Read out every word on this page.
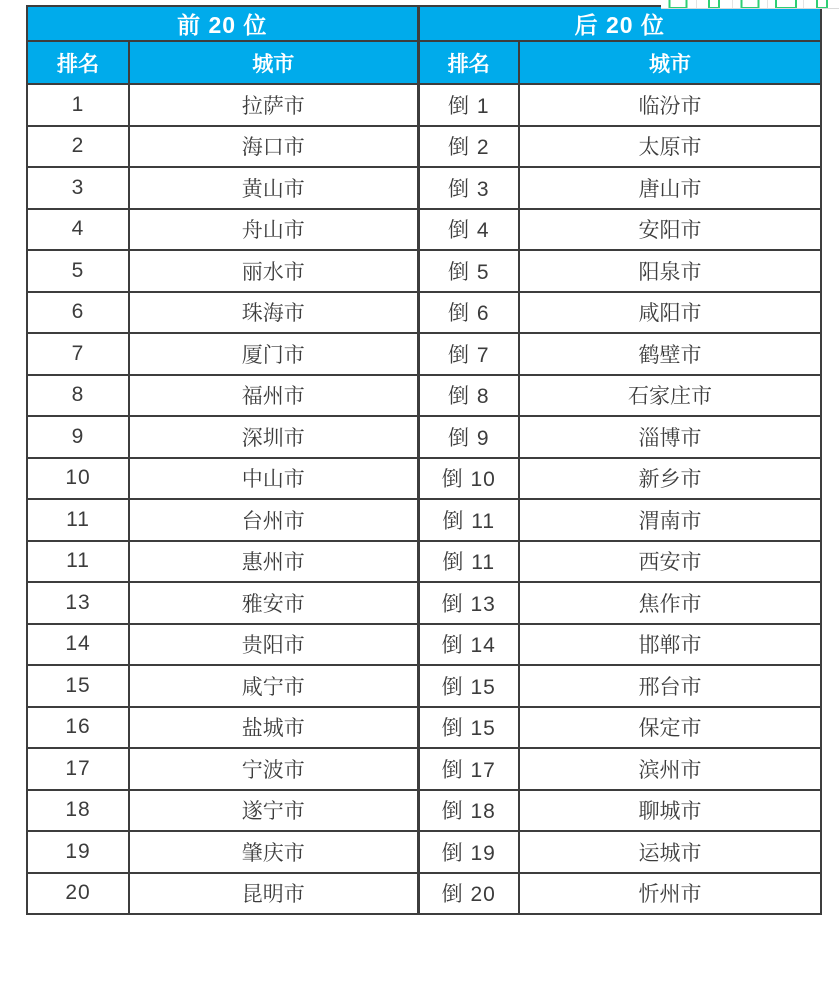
前 20 位		后 20 位	
排名	城市	排名	城市
1	拉萨市	倒 1	临汾市
2	海口市	倒 2	太原市
3	黄山市	倒 3	唐山市
4	舟山市	倒 4	安阳市
5	丽水市	倒 5	阳泉市
6	珠海市	倒 6	咸阳市
7	厦门市	倒 7	鹤壁市
8	福州市	倒 8	石家庄市
9	深圳市	倒 9	淄博市
10	中山市	倒 10	新乡市
11	台州市	倒 11	渭南市
11	惠州市	倒 11	西安市
13	雅安市	倒 13	焦作市
14	贵阳市	倒 14	邯郸市
15	咸宁市	倒 15	邢台市
16	盐城市	倒 15	保定市
17	宁波市	倒 17	滨州市
18	遂宁市	倒 18	聊城市
19	肇庆市	倒 19	运城市
20	昆明市	倒 20	忻州市
